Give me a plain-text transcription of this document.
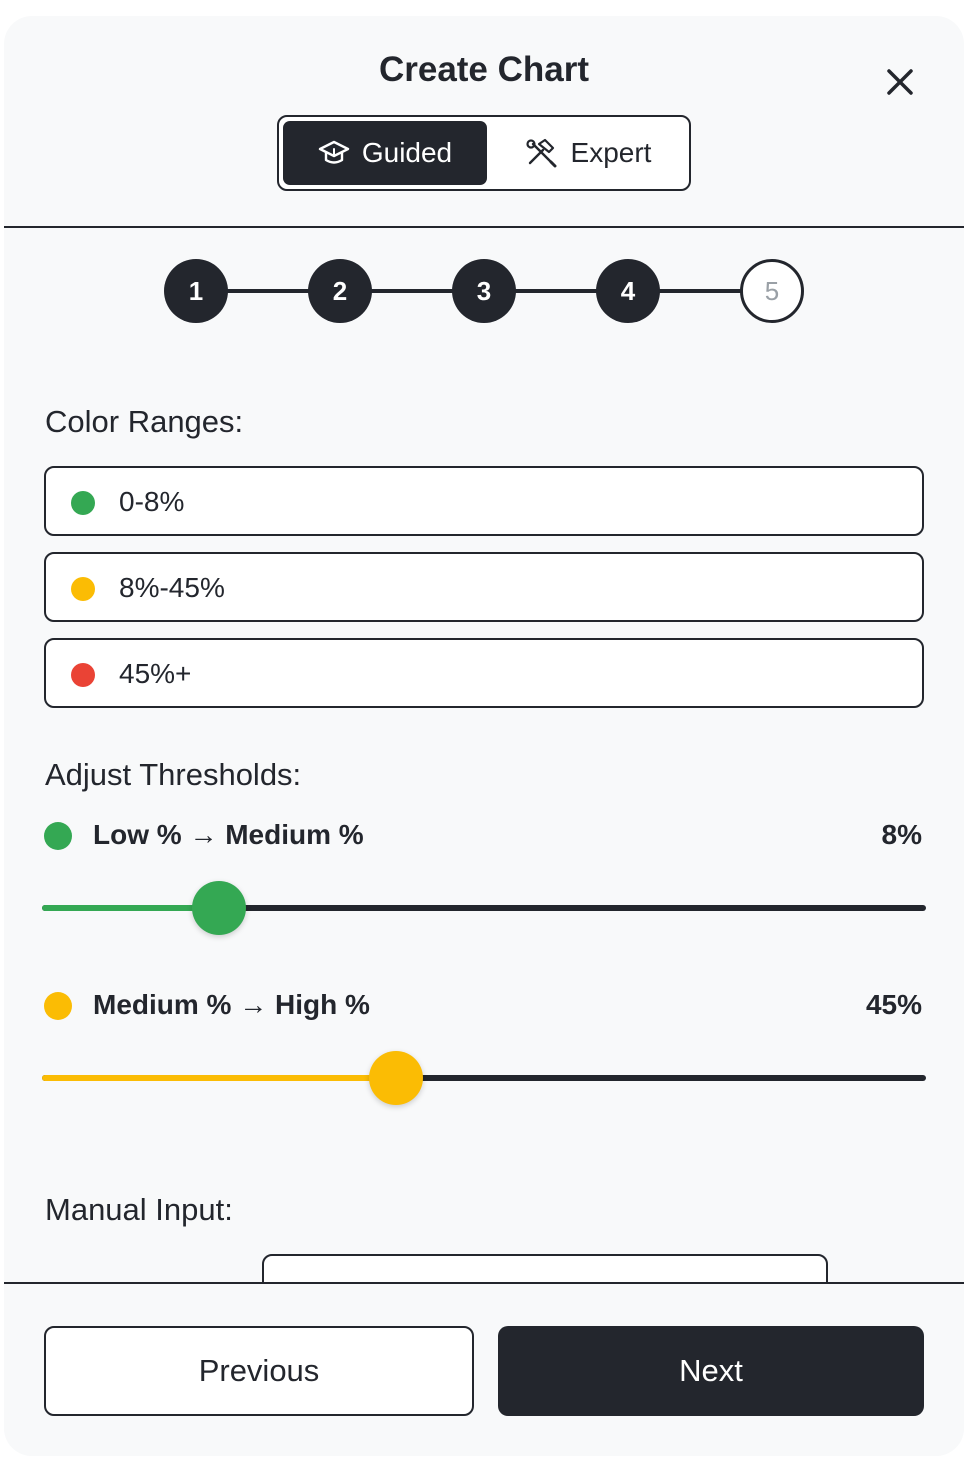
Create Chart
Guided	Expert
1	2	3	4	5
Color Ranges:
0-8%
8%-45%
45%+
Adjust Thresholds:
Low % → Medium %	8%
Medium % → High %	45%
Manual Input:
Previous	Next
